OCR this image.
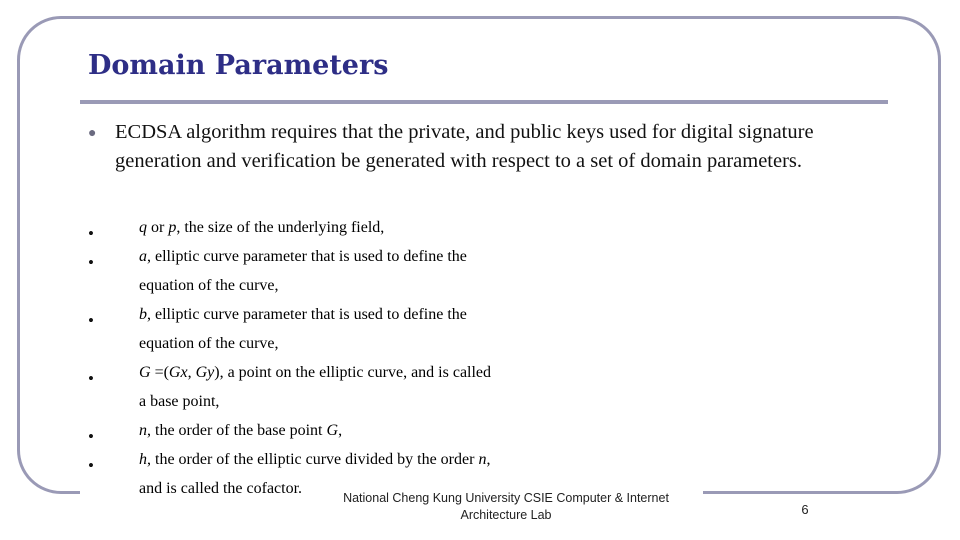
Domain Parameters
● ECDSA algorithm requires that the private, and public keys used for digital signature generation and verification be generated with respect to a set of domain parameters.
•	q or p, the size of the underlying field,
•	a, elliptic curve parameter that is used to define the
equation of the curve,
•	b, elliptic curve parameter that is used to define the
equation of the curve,
•	G =(Gx, Gy), a point on the elliptic curve, and is called
a base point,
•	n, the order of the base point G,
•	h, the order of the elliptic curve divided by the order n,
and is called the cofactor.
National Cheng Kung University CSIE Computer & Internet
Architecture Lab	6
